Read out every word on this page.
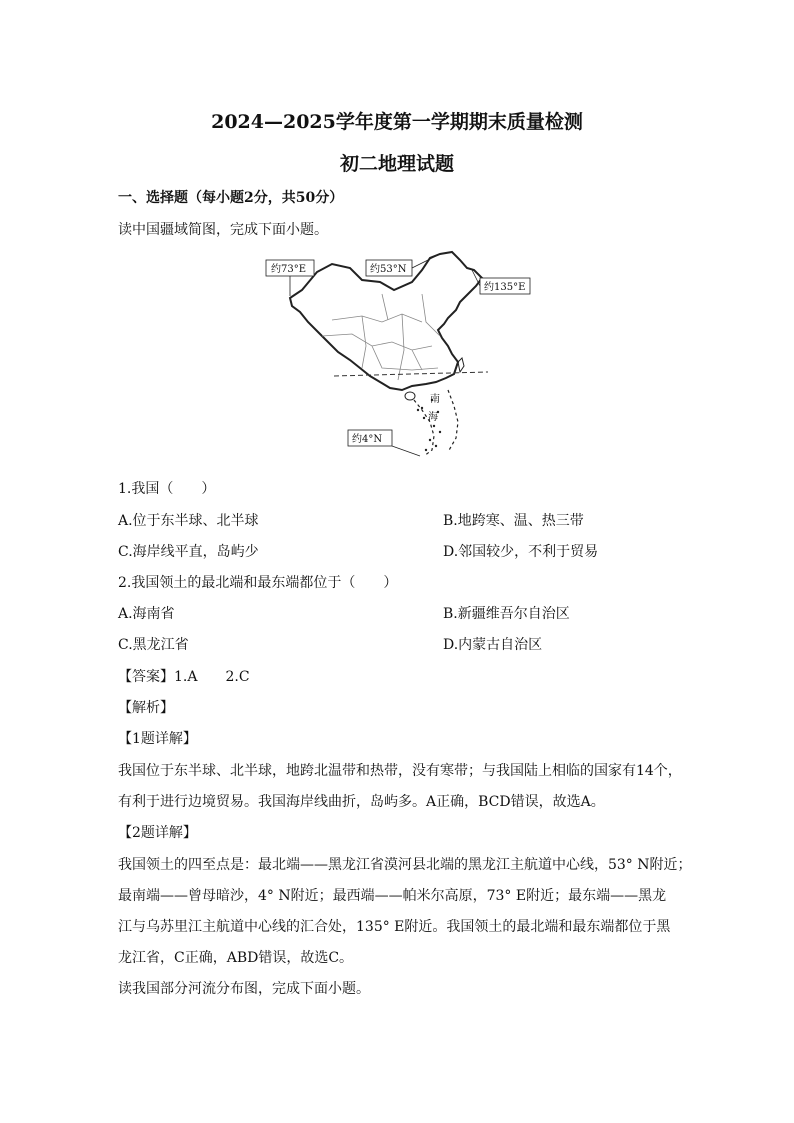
2024—2025学年度第一学期期末质量检测
初二地理试题
一、选择题（每小题2分，共50分）
读中国疆域简图，完成下面小题。
约73°E	约53°N
约135°E
约4°N
南
海
1.我国（　　）
A.位于东半球、北半球	B.地跨寒、温、热三带
C.海岸线平直，岛屿少	D.邻国较少，不利于贸易
2.我国领土的最北端和最东端都位于（　　）
A.海南省	B.新疆维吾尔自治区
C.黑龙江省	D.内蒙古自治区
【答案】1.A　　2.C
【解析】
【1题详解】
我国位于东半球、北半球，地跨北温带和热带，没有寒带；与我国陆上相临的国家有14个，
有利于进行边境贸易。我国海岸线曲折，岛屿多。A正确，BCD错误，故选A。
【2题详解】
我国领土的四至点是：最北端——黑龙江省漠河县北端的黑龙江主航道中心线，53° N附近；
最南端——曾母暗沙，4° N附近；最西端——帕米尔高原，73° E附近；最东端——黑龙
江与乌苏里江主航道中心线的汇合处，135° E附近。我国领土的最北端和最东端都位于黑
龙江省，C正确，ABD错误，故选C。
读我国部分河流分布图，完成下面小题。
